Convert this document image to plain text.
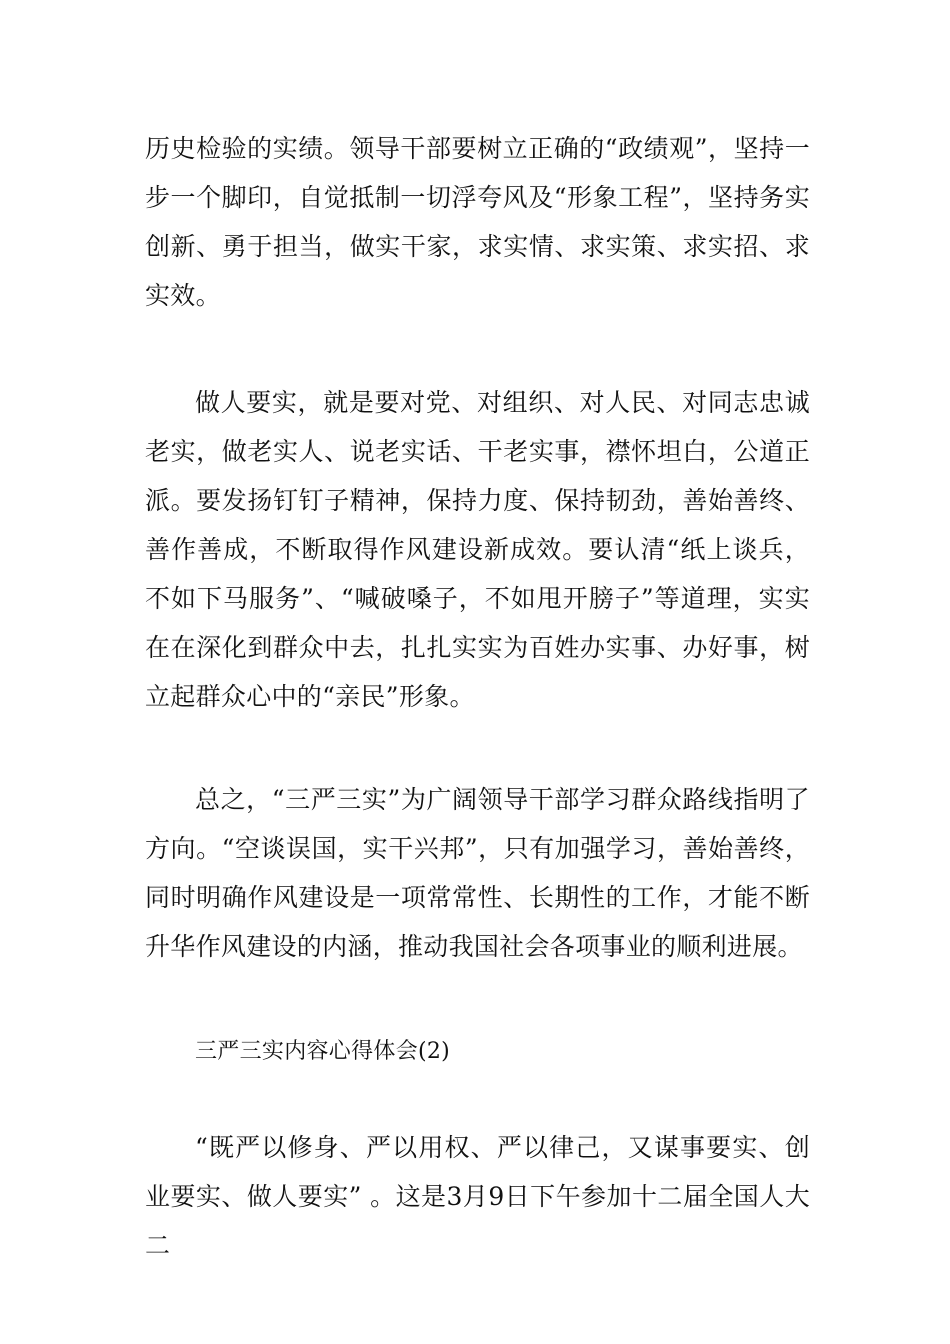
历史检验的实绩。领导干部要树立正确的“政绩观”，坚持一步一个脚印，自觉抵制一切浮夸风及“形象工程”，坚持务实创新、勇于担当，做实干家，求实情、求实策、求实招、求实效。

做人要实，就是要对党、对组织、对人民、对同志忠诚老实，做老实人、说老实话、干老实事，襟怀坦白，公道正派。要发扬钉钉子精神，保持力度、保持韧劲，善始善终、善作善成，不断取得作风建设新成效。要认清“纸上谈兵，不如下马服务”、“喊破嗓子，不如甩开膀子”等道理，实实在在深化到群众中去，扎扎实实为百姓办实事、办好事，树立起群众心中的“亲民”形象。

总之，“三严三实”为广阔领导干部学习群众路线指明了方向。“空谈误国，实干兴邦”，只有加强学习，善始善终，同时明确作风建设是一项常常性、长期性的工作，才能不断升华作风建设的内涵，推动我国社会各项事业的顺利进展。

三严三实内容心得体会(2)

“既严以修身、严以用权、严以律己，又谋事要实、创业要实、做人要实” 。这是3月9日下午参加十二届全国人大二
